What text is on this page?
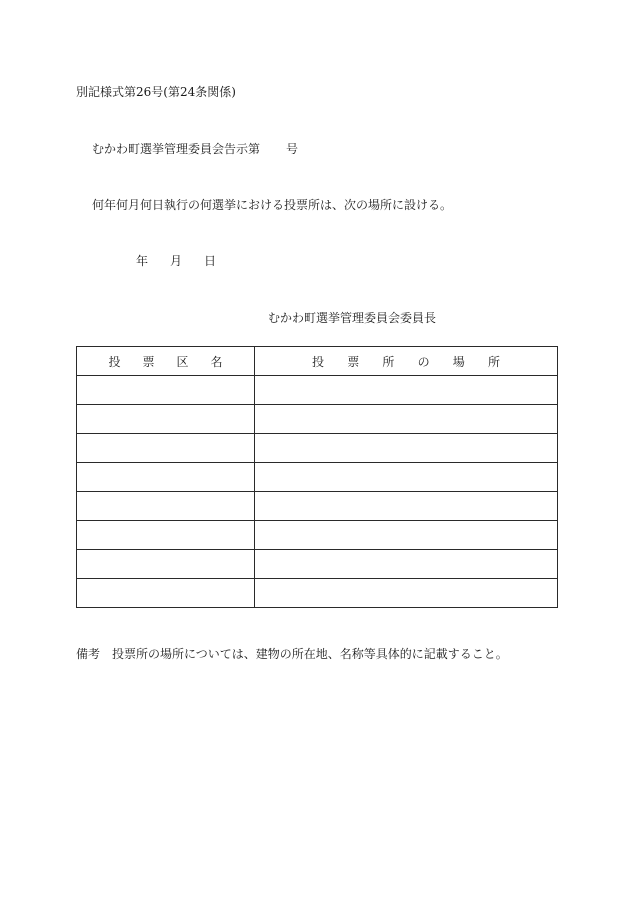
別記様式第26号(第24条関係)
むかわ町選挙管理委員会告示第 号
何年何月何日執行の何選挙における投票所は、次の場所に設ける。
年 月 日
むかわ町選挙管理委員会委員長
投　票　区　名	投　票　所　の　場　所

備考 投票所の場所については、建物の所在地、名称等具体的に記載すること。
